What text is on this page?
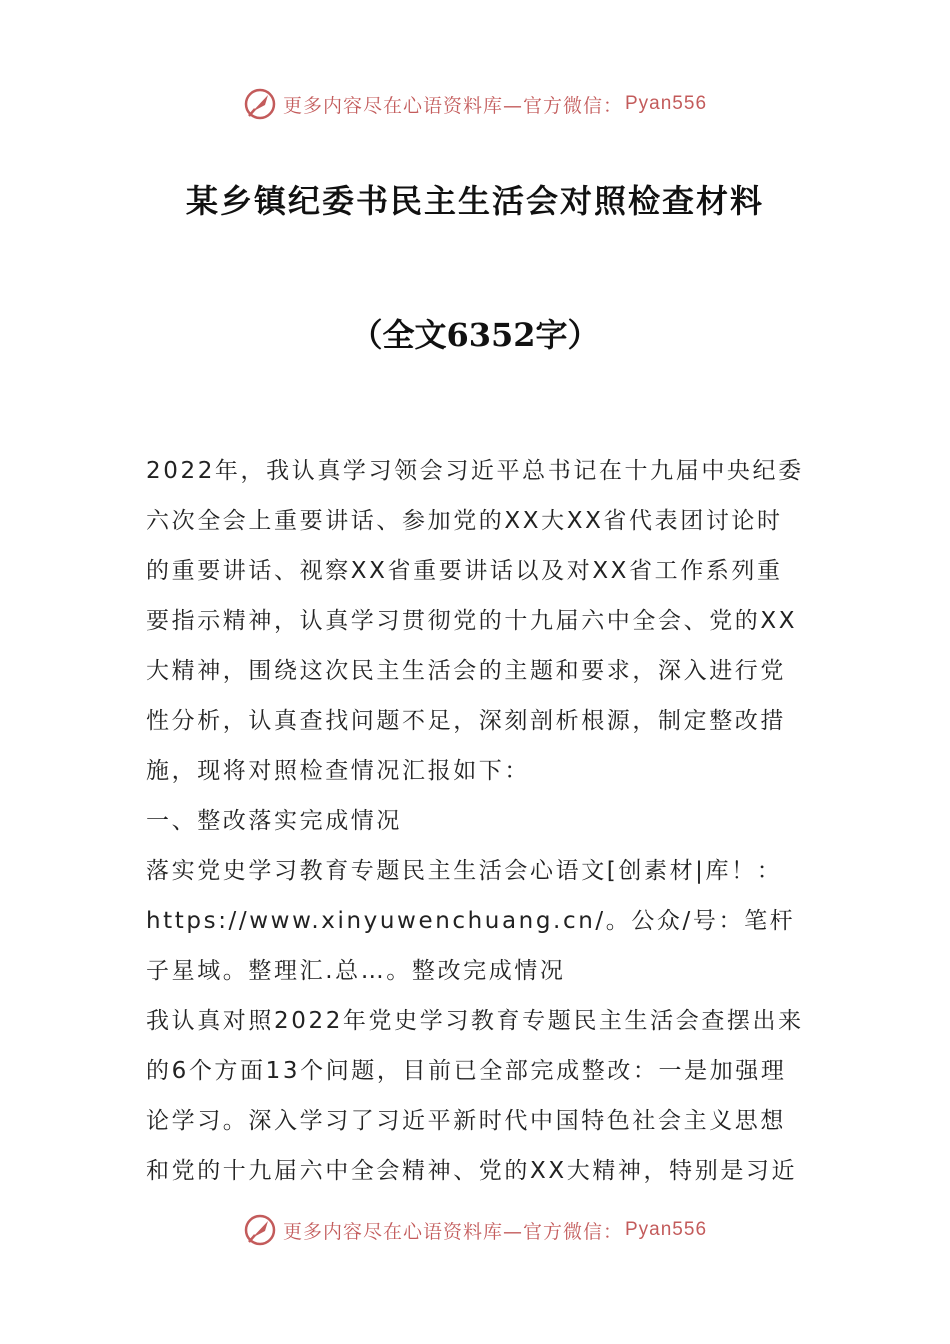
更多内容尽在心语资料库—官方微信： Pyan556
某乡镇纪委书民主生活会对照检查材料
（全文6352字）

2022年，我认真学习领会习近平总书记在十九届中央纪委六次全会上重要讲话、参加党的XX大XX省代表团讨论时的重要讲话、视察XX省重要讲话以及对XX省工作系列重要指示精神，认真学习贯彻党的十九届六中全会、党的XX大精神，围绕这次民主生活会的主题和要求，深入进行党性分析，认真查找问题不足，深刻剖析根源，制定整改措施，现将对照检查情况汇报如下：

一、整改落实完成情况

落实党史学习教育专题民主生活会心语文[创素材|库！：https://www.xinyuwenchuang.cn/。公众/号：笔杆子星域。整理汇.总…。整改完成情况

我认真对照2022年党史学习教育专题民主生活会查摆出来的6个方面13个问题，目前已全部完成整改：一是加强理论学习。深入学习了习近平新时代中国特色社会主义思想和党的十九届六中全会精神、党的XX大精神，特别是习近

更多内容尽在心语资料库—官方微信： Pyan556
